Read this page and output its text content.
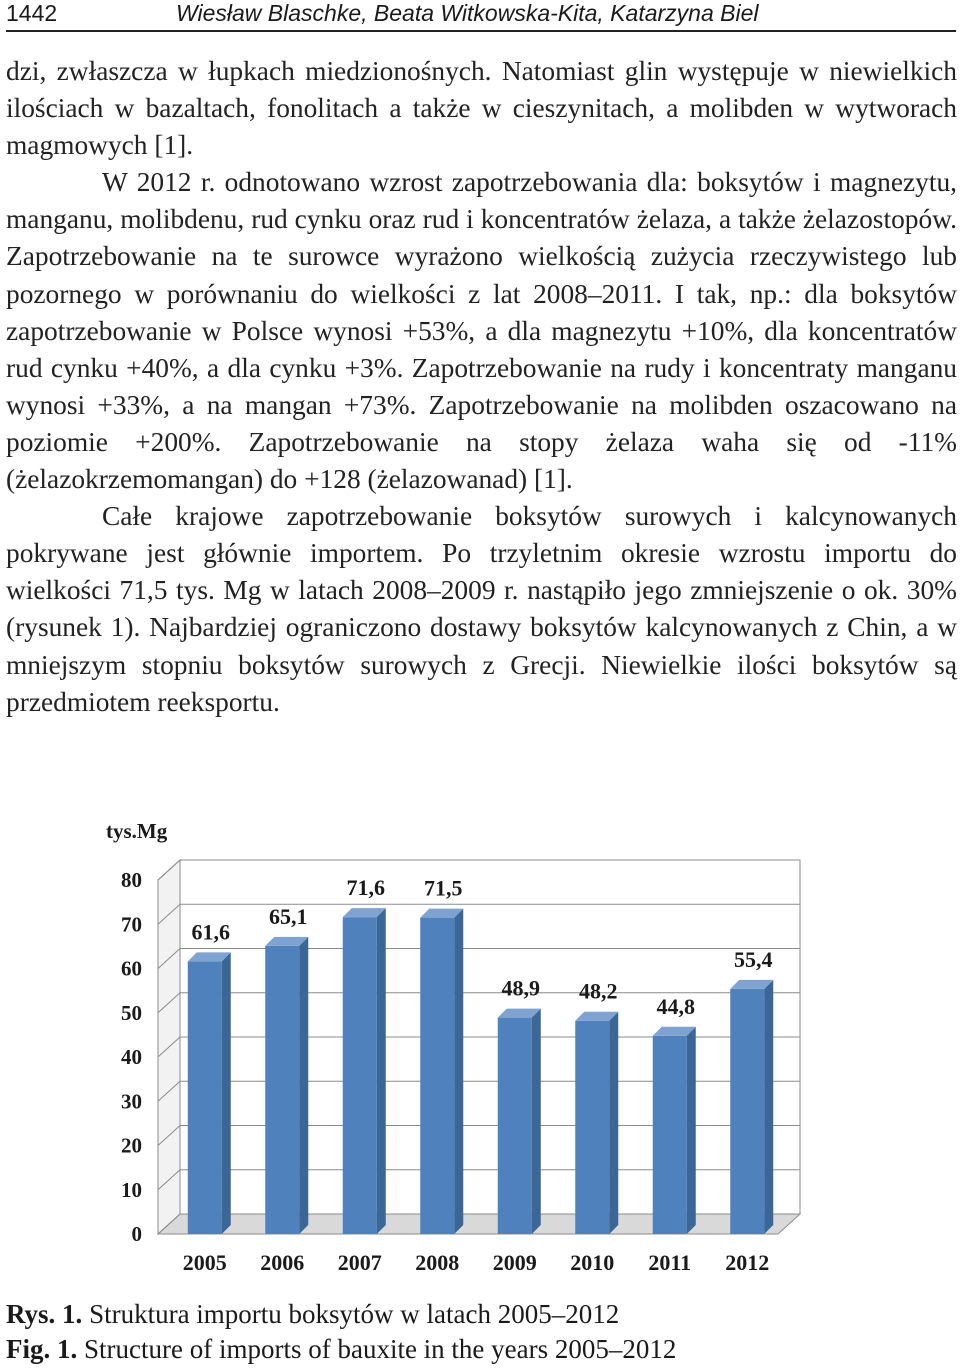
1442	Wiesław Blaschke, Beata Witkowska-Kita, Katarzyna Biel

dzi, zwłaszcza w łupkach miedzionośnych. Natomiast glin występuje w niewielkich ilościach w bazaltach, fonolitach a także w cieszynitach, a molibden w wytworach magmowych [1].

W 2012 r. odnotowano wzrost zapotrzebowania dla: boksytów i magnezytu, manganu, molibdenu, rud cynku oraz rud i koncentratów żelaza, a także żelazostopów. Zapotrzebowanie na te surowce wyrażono wielkością zużycia rzeczywistego lub pozornego w porównaniu do wielkości z lat 2008–2011. I tak, np.: dla boksytów zapotrzebowanie w Polsce wynosi +53%, a dla magnezytu +10%, dla koncentratów rud cynku +40%, a dla cynku +3%. Zapotrzebowanie na rudy i koncentraty manganu wynosi +33%, a na mangan +73%. Zapotrzebowanie na molibden oszacowano na poziomie +200%. Zapotrzebowanie na stopy żelaza waha się od -11% (żelazokrzemomangan) do +128 (żelazowanad) [1].

Całe krajowe zapotrzebowanie boksytów surowych i kalcynowanych pokrywane jest głównie importem. Po trzyletnim okresie wzrostu importu do wielkości 71,5 tys. Mg w latach 2008–2009 r. nastąpiło jego zmniejszenie o ok. 30% (rysunek 1). Najbardziej ograniczono dostawy boksytów kalcynowanych z Chin, a w mniejszym stopniu boksytów surowych z Grecji. Niewielkie ilości boksytów są przedmiotem reeksportu.

0
10
20
30
40
50
60
70
80
tys.Mg
61,6
2005
65,1
2006
71,6
2007
71,5
2008
48,9
2009
48,2
2010
44,8
2011
55,4
2012
Rys. 1. Struktura importu boksytów w latach 2005–2012
Fig. 1. Structure of imports of bauxite in the years 2005–2012
